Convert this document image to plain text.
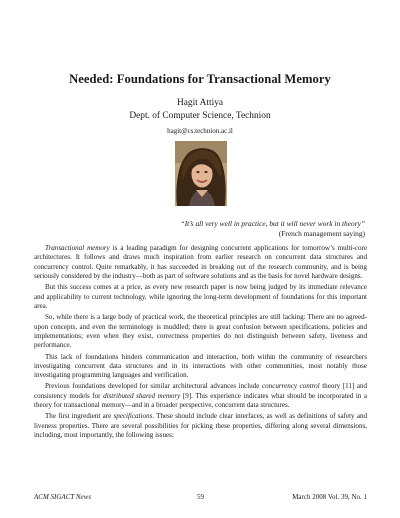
Needed: Foundations for Transactional Memory
Hagit Attiya
Dept. of Computer Science, Technion
hagit@cs.technion.ac.il
“It’s all very well in practice, but it will never work in theory”
(French management saying)

Transactional memory is a leading paradigm for designing concurrent applications for tomorrow’s multi-core architectures. It follows and draws much inspiration from earlier research on concurrent data structures and concurrency control. Quite remarkably, it has succeeded in breaking out of the research community, and is being seriously considered by the industry—both as part of software solutions and as the basis for novel hardware designs.

But this success comes at a price, as every new research paper is now being judged by its immediate relevance and applicability to current technology, while ignoring the long-term development of foundations for this important area.

So, while there is a large body of practical work, the theoretical principles are still lacking: There are no agreed-upon concepts, and even the terminology is muddled; there is great confusion between specifications, policies and implementations; even when they exist, correctness properties do not distinguish between safety, liveness and performance.

This lack of foundations hinders communication and interaction, both within the community of researchers investigating concurrent data structures and in its interactions with other communities, most notably those investigating programming languages and verification.

Previous foundations developed for similar architectural advances include concurrency control theory [11] and consistency models for distributed shared memory [9]. This experience indicates what should be incorporated in a theory for transactional memory—and in a broader perspective, concurrent data structures.

The first ingredient are specifications. These should include clear interfaces, as well as definitions of safety and liveness properties. There are several possibilities for picking these properties, differing along several dimensions, including, most importantly, the following issues:

ACM SIGACT News	59	March 2008 Vol. 39, No. 1
